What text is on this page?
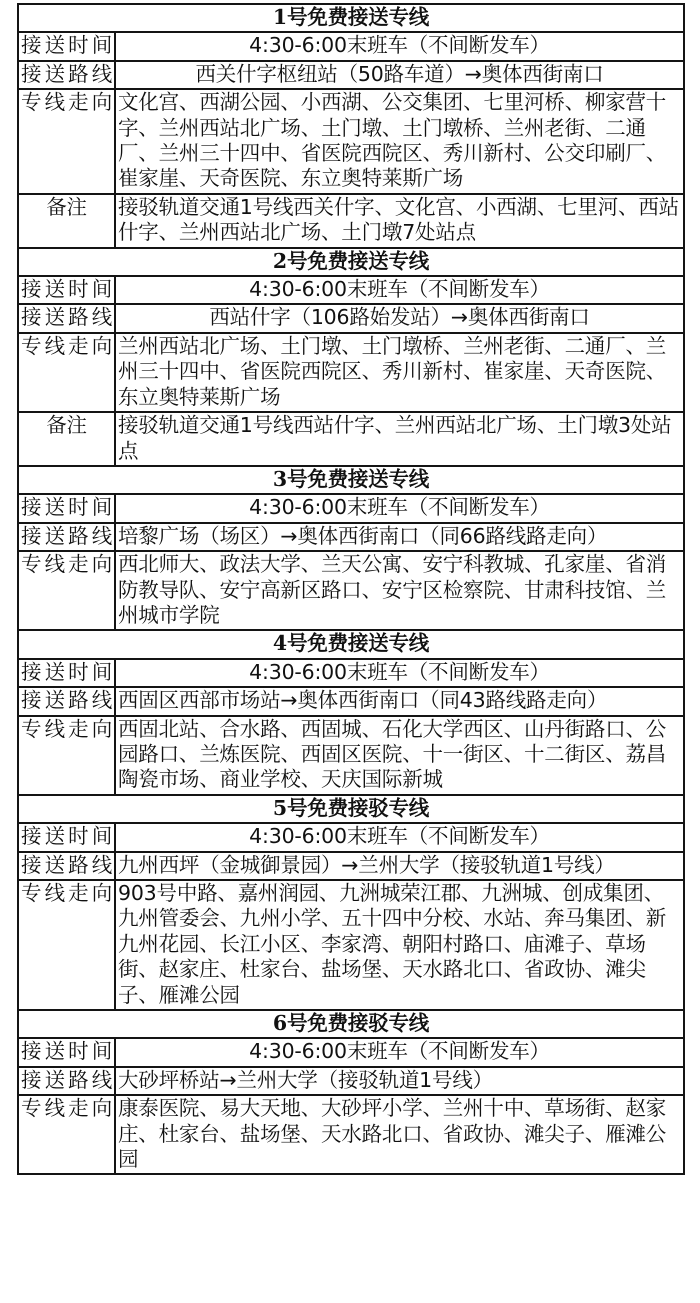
1号免费接送专线	
接送时间	4:30-6:00末班车（不间断发车）
接送路线	西关什字枢纽站（50路车道）→奥体西街南口
专线走向	文化宫、西湖公园、小西湖、公交集团、七里河桥、柳家营十字、兰州西站北广场、土门墩、土门墩桥、兰州老街、二通厂、兰州三十四中、省医院西院区、秀川新村、公交印刷厂、崔家崖、天奇医院、东立奥特莱斯广场
备注	接驳轨道交通1号线西关什字、文化宫、小西湖、七里河、西站什字、兰州西站北广场、土门墩7处站点
2号免费接送专线	
接送时间	4:30-6:00末班车（不间断发车）
接送路线	西站什字（106路始发站）→奥体西街南口
专线走向	兰州西站北广场、土门墩、土门墩桥、兰州老街、二通厂、兰州三十四中、省医院西院区、秀川新村、崔家崖、天奇医院、东立奥特莱斯广场
备注	接驳轨道交通1号线西站什字、兰州西站北广场、土门墩3处站点
3号免费接送专线	
接送时间	4:30-6:00末班车（不间断发车）
接送路线	培黎广场（场区）→奥体西街南口（同66路线路走向）
专线走向	西北师大、政法大学、兰天公寓、安宁科教城、孔家崖、省消防教导队、安宁高新区路口、安宁区检察院、甘肃科技馆、兰州城市学院
4号免费接送专线	
接送时间	4:30-6:00末班车（不间断发车）
接送路线	西固区西部市场站→奥体西街南口（同43路线路走向）
专线走向	西固北站、合水路、西固城、石化大学西区、山丹街路口、公园路口、兰炼医院、西固区医院、十一街区、十二街区、荔昌陶瓷市场、商业学校、天庆国际新城
5号免费接驳专线	
接送时间	4:30-6:00末班车（不间断发车）
接送路线	九州西坪（金城御景园）→兰州大学（接驳轨道1号线）
专线走向	903号中路、嘉州润园、九洲城荣江郡、九洲城、创成集团、九州管委会、九州小学、五十四中分校、水站、奔马集团、新九州花园、长江小区、李家湾、朝阳村路口、庙滩子、草场街、赵家庄、杜家台、盐场堡、天水路北口、省政协、滩尖子、雁滩公园
6号免费接驳专线	
接送时间	4:30-6:00末班车（不间断发车）
接送路线	大砂坪桥站→兰州大学（接驳轨道1号线）
专线走向	康泰医院、易大天地、大砂坪小学、兰州十中、草场街、赵家庄、杜家台、盐场堡、天水路北口、省政协、滩尖子、雁滩公园
